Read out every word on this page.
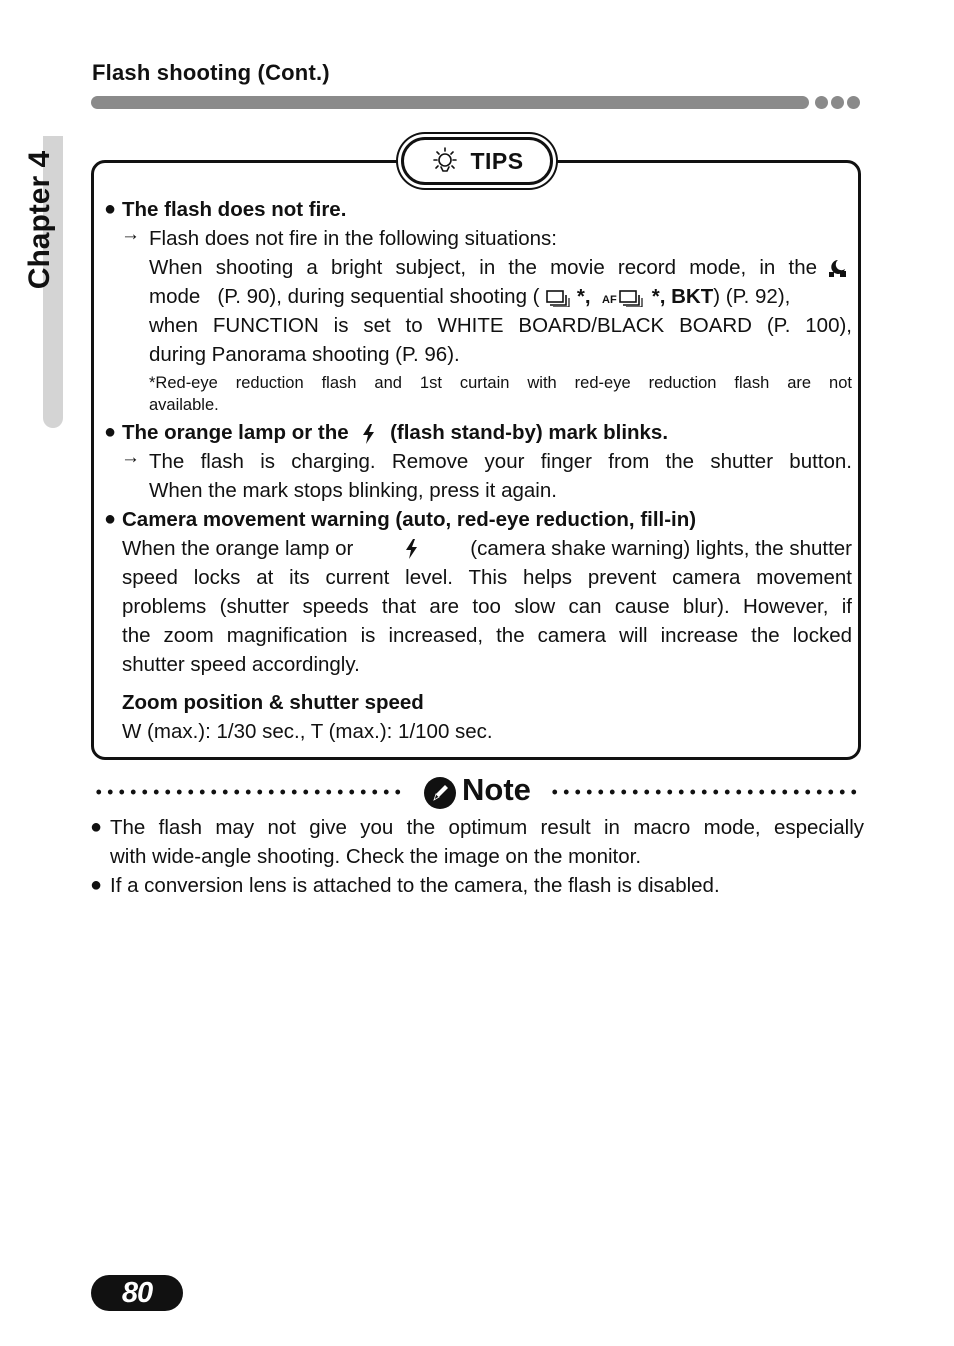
Flash shooting (Cont.)
Chapter 4	TIPS
● The flash does not fire.
→ Flash does not fire in the following situations:
When shooting a bright subject, in the movie record mode, in the
mode (P. 90), during sequential shooting ( *, AF *, BKT) (P. 92),
when FUNCTION is set to WHITE BOARD/BLACK BOARD (P. 100),
during Panorama shooting (P. 96).
*Red-eye reduction flash and 1st curtain with red-eye reduction flash are not
available.
● The orange lamp or the (flash stand-by) mark blinks.
→ The flash is charging. Remove your finger from the shutter button.
When the mark stops blinking, press it again.
● Camera movement warning (auto, red-eye reduction, fill-in)
When the orange lamp or	(camera shake warning) lights, the shutter
speed locks at its current level. This helps prevent camera movement
problems (shutter speeds that are too slow can cause blur). However, if
the zoom magnification is increased, the camera will increase the locked
shutter speed accordingly.
Zoom position & shutter speed
W (max.): 1/30 sec., T (max.): 1/100 sec.
Note
● The flash may not give you the optimum result in macro mode, especially
with wide-angle shooting. Check the image on the monitor.
● If a conversion lens is attached to the camera, the flash is disabled.
80
